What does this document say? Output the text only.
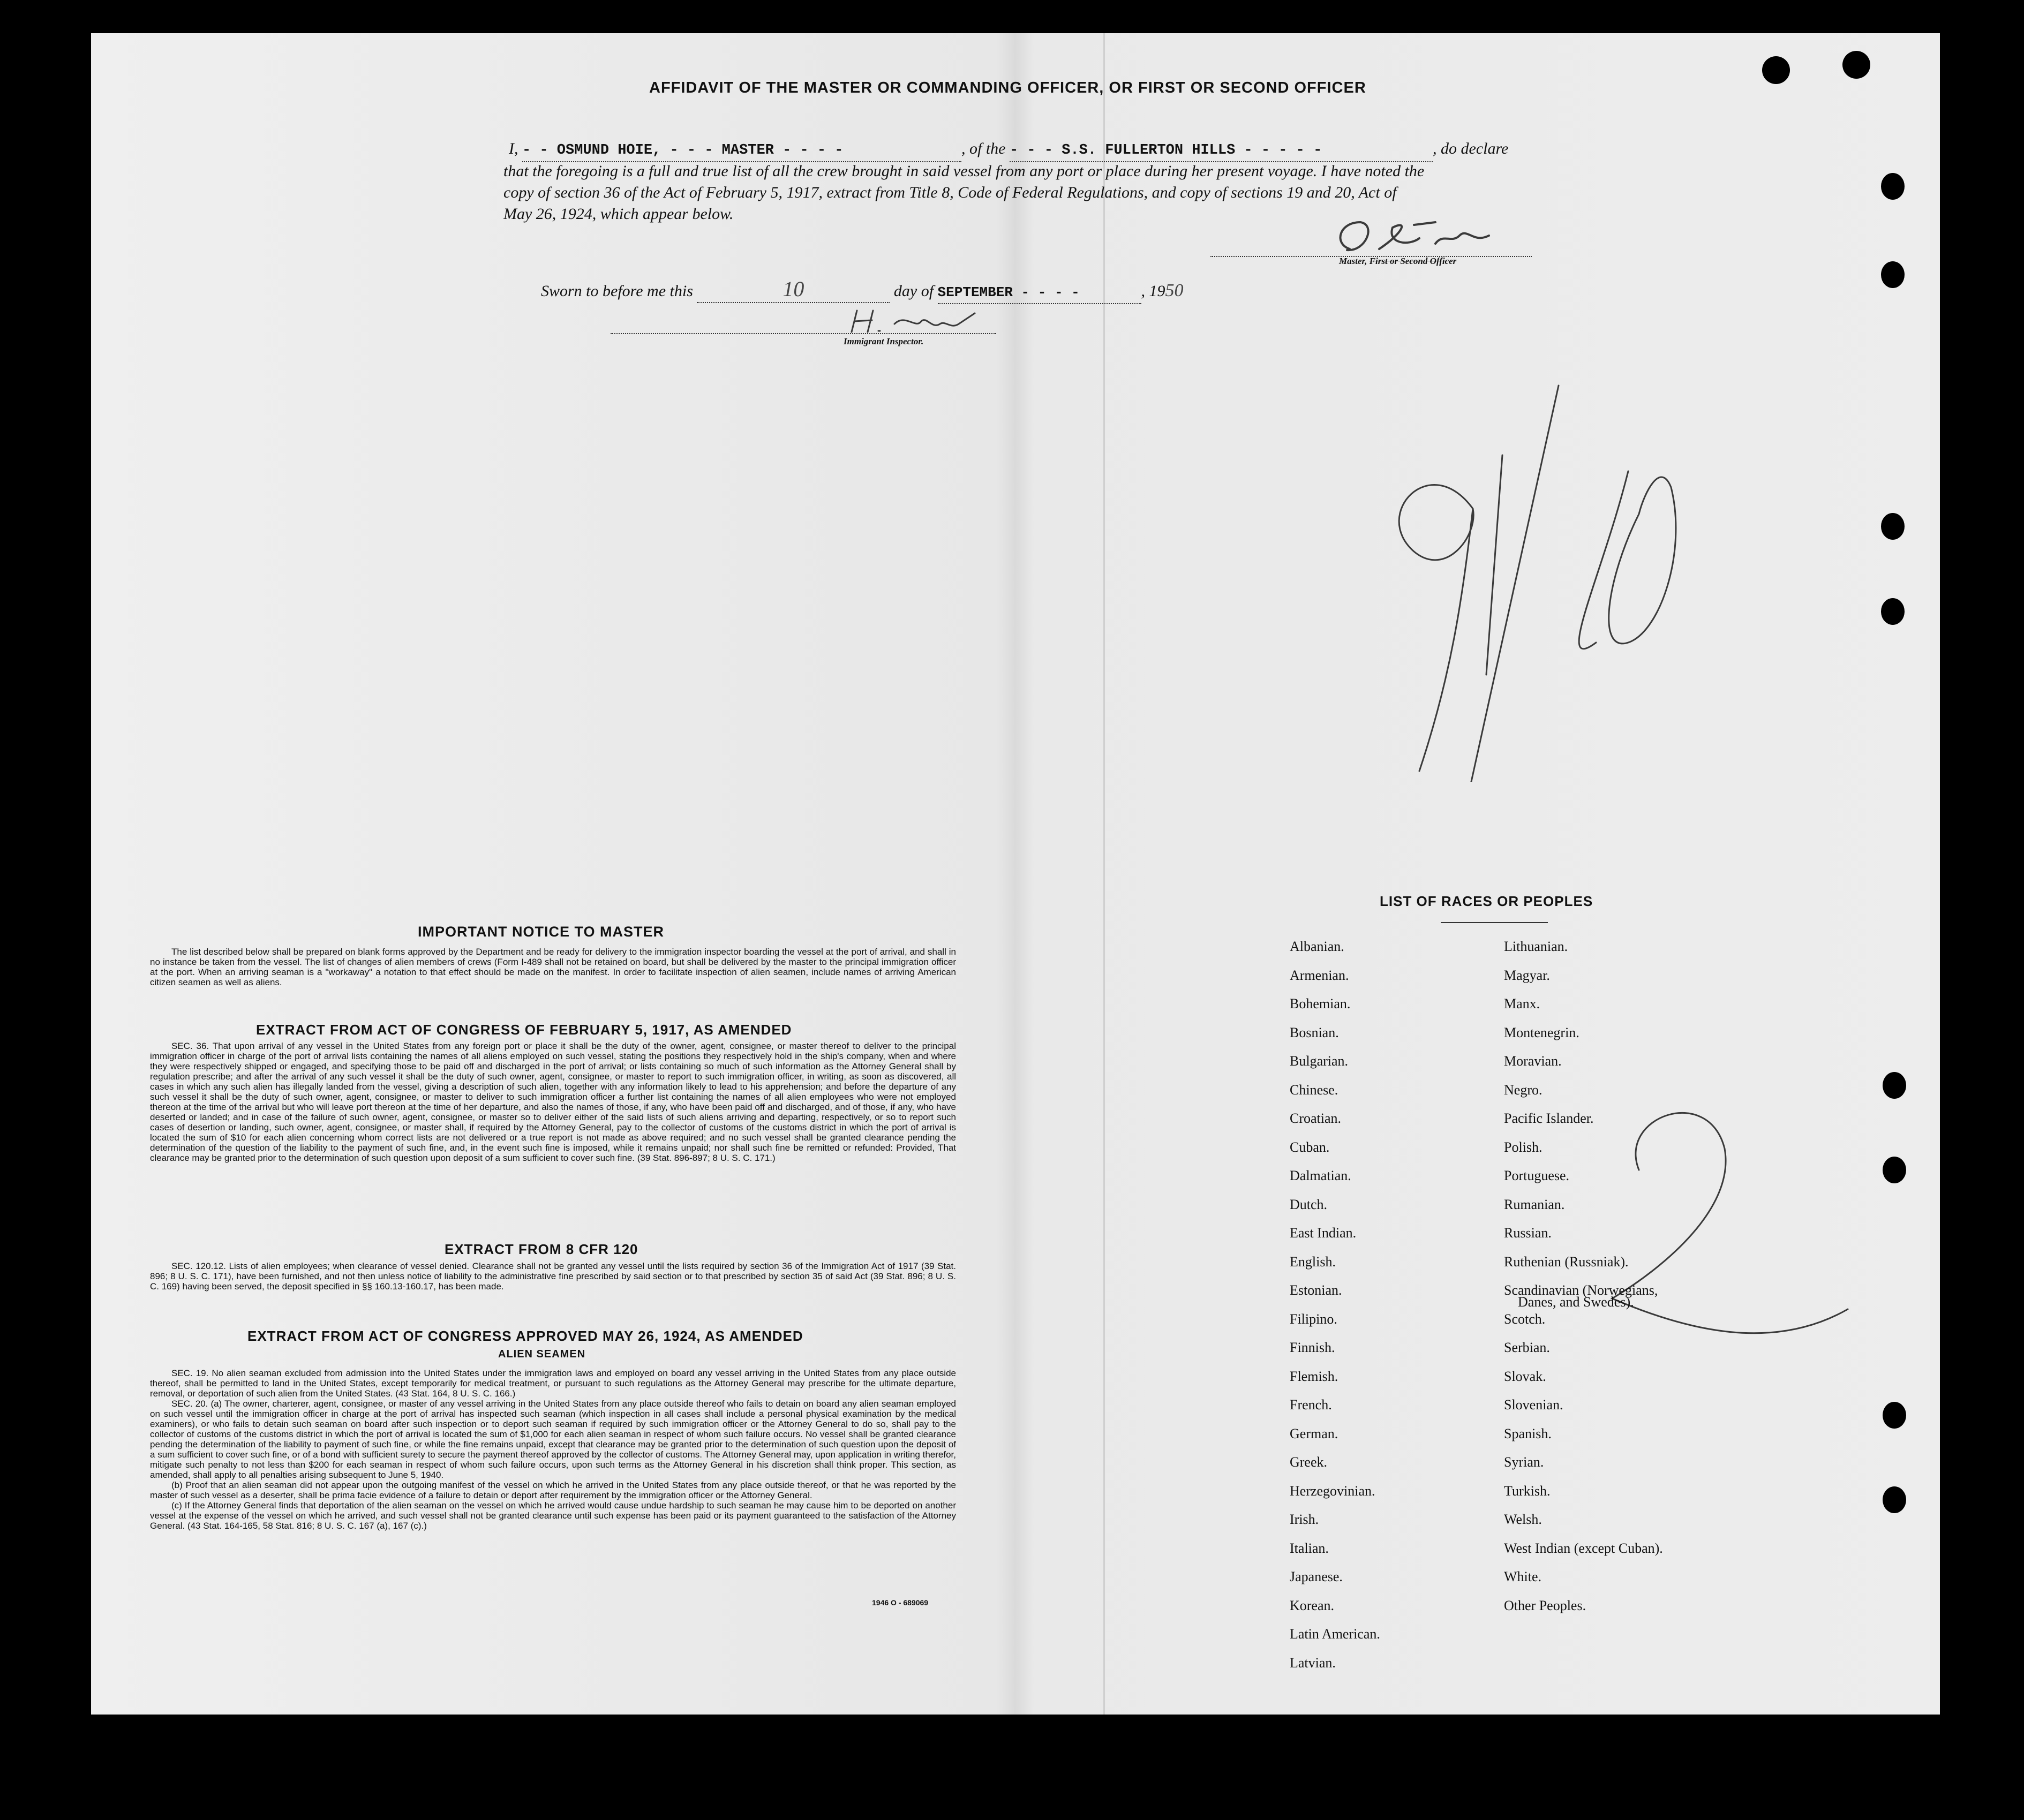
AFFIDAVIT OF THE MASTER OR COMMANDING OFFICER, OR FIRST OR SECOND OFFICER
I, - - OSMUND HOIE, - - - MASTER - - - -	, of the - - - S.S. FULLERTON HILLS - - - - -	, do declare
that the foregoing is a full and true list of all the crew brought in said vessel from any port or place during her present voyage. I have noted the
copy of section 36 of the Act of February 5, 1917, extract from Title 8, Code of Federal Regulations, and copy of sections 19 and 20, Act of
May 26, 1924, which appear below.
Master, First or Second Officer
Sworn to before me this	10	day of SEPTEMBER - - - -	, 1950
Immigrant Inspector.
IMPORTANT NOTICE TO MASTER

The list described below shall be prepared on blank forms approved by the Department and be ready for delivery to the immigration inspector boarding the vessel at the port of arrival, and shall in no instance be taken from the vessel. The list of changes of alien members of crews (Form I-489 shall not be retained on board, but shall be delivered by the master to the principal immigration officer at the port. When an arriving seaman is a "workaway" a notation to that effect should be made on the manifest. In order to facilitate inspection of alien seamen, include names of arriving American citizen seamen as well as aliens.

EXTRACT FROM ACT OF CONGRESS OF FEBRUARY 5, 1917, AS AMENDED

SEC. 36. That upon arrival of any vessel in the United States from any foreign port or place it shall be the duty of the owner, agent, consignee, or master thereof to deliver to the principal immigration officer in charge of the port of arrival lists containing the names of all aliens employed on such vessel, stating the positions they respectively hold in the ship's company, when and where they were respectively shipped or engaged, and specifying those to be paid off and discharged in the port of arrival; or lists containing so much of such information as the Attorney General shall by regulation prescribe; and after the arrival of any such vessel it shall be the duty of such owner, agent, consignee, or master to report to such immigration officer, in writing, as soon as discovered, all cases in which any such alien has illegally landed from the vessel, giving a description of such alien, together with any information likely to lead to his apprehension; and before the departure of any such vessel it shall be the duty of such owner, agent, consignee, or master to deliver to such immigration officer a further list containing the names of all alien employees who were not employed thereon at the time of the arrival but who will leave port thereon at the time of her departure, and also the names of those, if any, who have been paid off and discharged, and of those, if any, who have deserted or landed; and in case of the failure of such owner, agent, consignee, or master so to deliver either of the said lists of such aliens arriving and departing, respectively, or so to report such cases of desertion or landing, such owner, agent, consignee, or master shall, if required by the Attorney General, pay to the collector of customs of the customs district in which the port of arrival is located the sum of $10 for each alien concerning whom correct lists are not delivered or a true report is not made as above required; and no such vessel shall be granted clearance pending the determination of the question of the liability to the payment of such fine, and, in the event such fine is imposed, while it remains unpaid; nor shall such fine be remitted or refunded: Provided, That clearance may be granted prior to the determination of such question upon deposit of a sum sufficient to cover such fine. (39 Stat. 896-897; 8 U. S. C. 171.)

EXTRACT FROM 8 CFR 120

SEC. 120.12. Lists of alien employees; when clearance of vessel denied. Clearance shall not be granted any vessel until the lists required by section 36 of the Immigration Act of 1917 (39 Stat. 896; 8 U. S. C. 171), have been furnished, and not then unless notice of liability to the administrative fine prescribed by said section or to that prescribed by section 35 of said Act (39 Stat. 896; 8 U. S. C. 169) having been served, the deposit specified in §§ 160.13-160.17, has been made.

EXTRACT FROM ACT OF CONGRESS APPROVED MAY 26, 1924, AS AMENDED
ALIEN SEAMEN

SEC. 19. No alien seaman excluded from admission into the United States under the immigration laws and employed on board any vessel arriving in the United States from any place outside thereof, shall be permitted to land in the United States, except temporarily for medical treatment, or pursuant to such regulations as the Attorney General may prescribe for the ultimate departure, removal, or deportation of such alien from the United States. (43 Stat. 164, 8 U. S. C. 166.)

SEC. 20. (a) The owner, charterer, agent, consignee, or master of any vessel arriving in the United States from any place outside thereof who fails to detain on board any alien seaman employed on such vessel until the immigration officer in charge at the port of arrival has inspected such seaman (which inspection in all cases shall include a personal physical examination by the medical examiners), or who fails to detain such seaman on board after such inspection or to deport such seaman if required by such immigration officer or the Attorney General to do so, shall pay to the collector of customs of the customs district in which the port of arrival is located the sum of $1,000 for each alien seaman in respect of whom such failure occurs. No vessel shall be granted clearance pending the determination of the liability to payment of such fine, or while the fine remains unpaid, except that clearance may be granted prior to the determination of such question upon the deposit of a sum sufficient to cover such fine, or of a bond with sufficient surety to secure the payment thereof approved by the collector of customs. The Attorney General may, upon application in writing therefor, mitigate such penalty to not less than $200 for each seaman in respect of whom such failure occurs, upon such terms as the Attorney General in his discretion shall think proper. This section, as amended, shall apply to all penalties arising subsequent to June 5, 1940.

(b) Proof that an alien seaman did not appear upon the outgoing manifest of the vessel on which he arrived in the United States from any place outside thereof, or that he was reported by the master of such vessel as a deserter, shall be prima facie evidence of a failure to detain or deport after requirement by the immigration officer or the Attorney General.

(c) If the Attorney General finds that deportation of the alien seaman on the vessel on which he arrived would cause undue hardship to such seaman he may cause him to be deported on another vessel at the expense of the vessel on which he arrived, and such vessel shall not be granted clearance until such expense has been paid or its payment guaranteed to the satisfaction of the Attorney General. (43 Stat. 164-165, 58 Stat. 816; 8 U. S. C. 167 (a), 167 (c).)

1946 O - 689069
LIST OF RACES OR PEOPLES
Albanian.
Armenian.
Bohemian.
Bosnian.
Bulgarian.
Chinese.
Croatian.
Cuban.
Dalmatian.
Dutch.
East Indian.
English.
Estonian.
Filipino.
Finnish.
Flemish.
French.
German.
Greek.
Herzegovinian.
Irish.
Italian.
Japanese.
Korean.
Latin American.
Latvian.
Lithuanian.
Magyar.
Manx.
Montenegrin.
Moravian.
Negro.
Pacific Islander.
Polish.
Portuguese.
Rumanian.
Russian.
Ruthenian (Russniak).
Scandinavian (Norwegians,
Danes, and Swedes).
Scotch.
Serbian.
Slovak.
Slovenian.
Spanish.
Syrian.
Turkish.
Welsh.
West Indian (except Cuban).
White.
Other Peoples.
